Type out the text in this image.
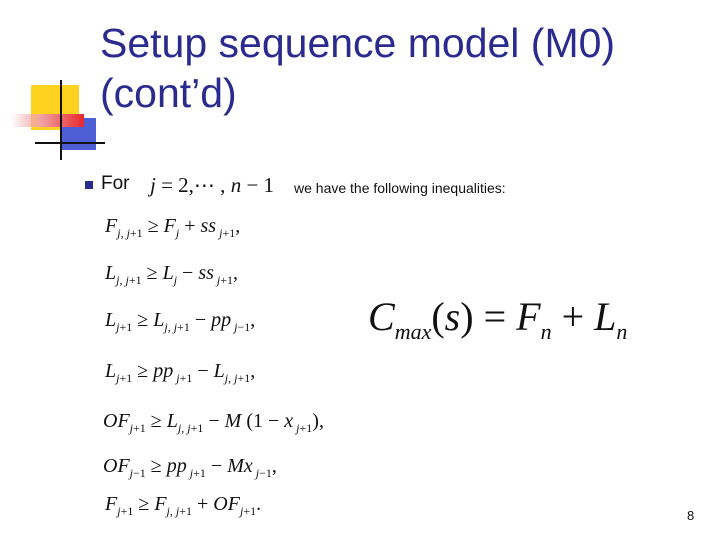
Setup sequence model (M0) (cont’d)
For j = 2,⋯ , n − 1 we have the following inequalities:
$F_{j, j+1} \ge F_j$ + ss $_{j+1}$,
$L_{j, j+1} \ge L_j$ − ss $_{j+1}$,
$L_{j+1} \ge L_{j, j+1}$ − pp $_{j-1}$,
$L_{j+1}$ ≥ pp $_{j+1} - L_{j, j+1}$,
$OF_{j+1} \ge L_{j, j+1} - M$ (1 − x $_{j+1}$),
$OF_{j-1}$ ≥ pp $_{j+1}$ − Mx $_{j-1}$,
$F_{j+1} \ge F_{j, j+1} + OF_{j+1}$.
$C_{max}(s) = F_n + L_n$
8
